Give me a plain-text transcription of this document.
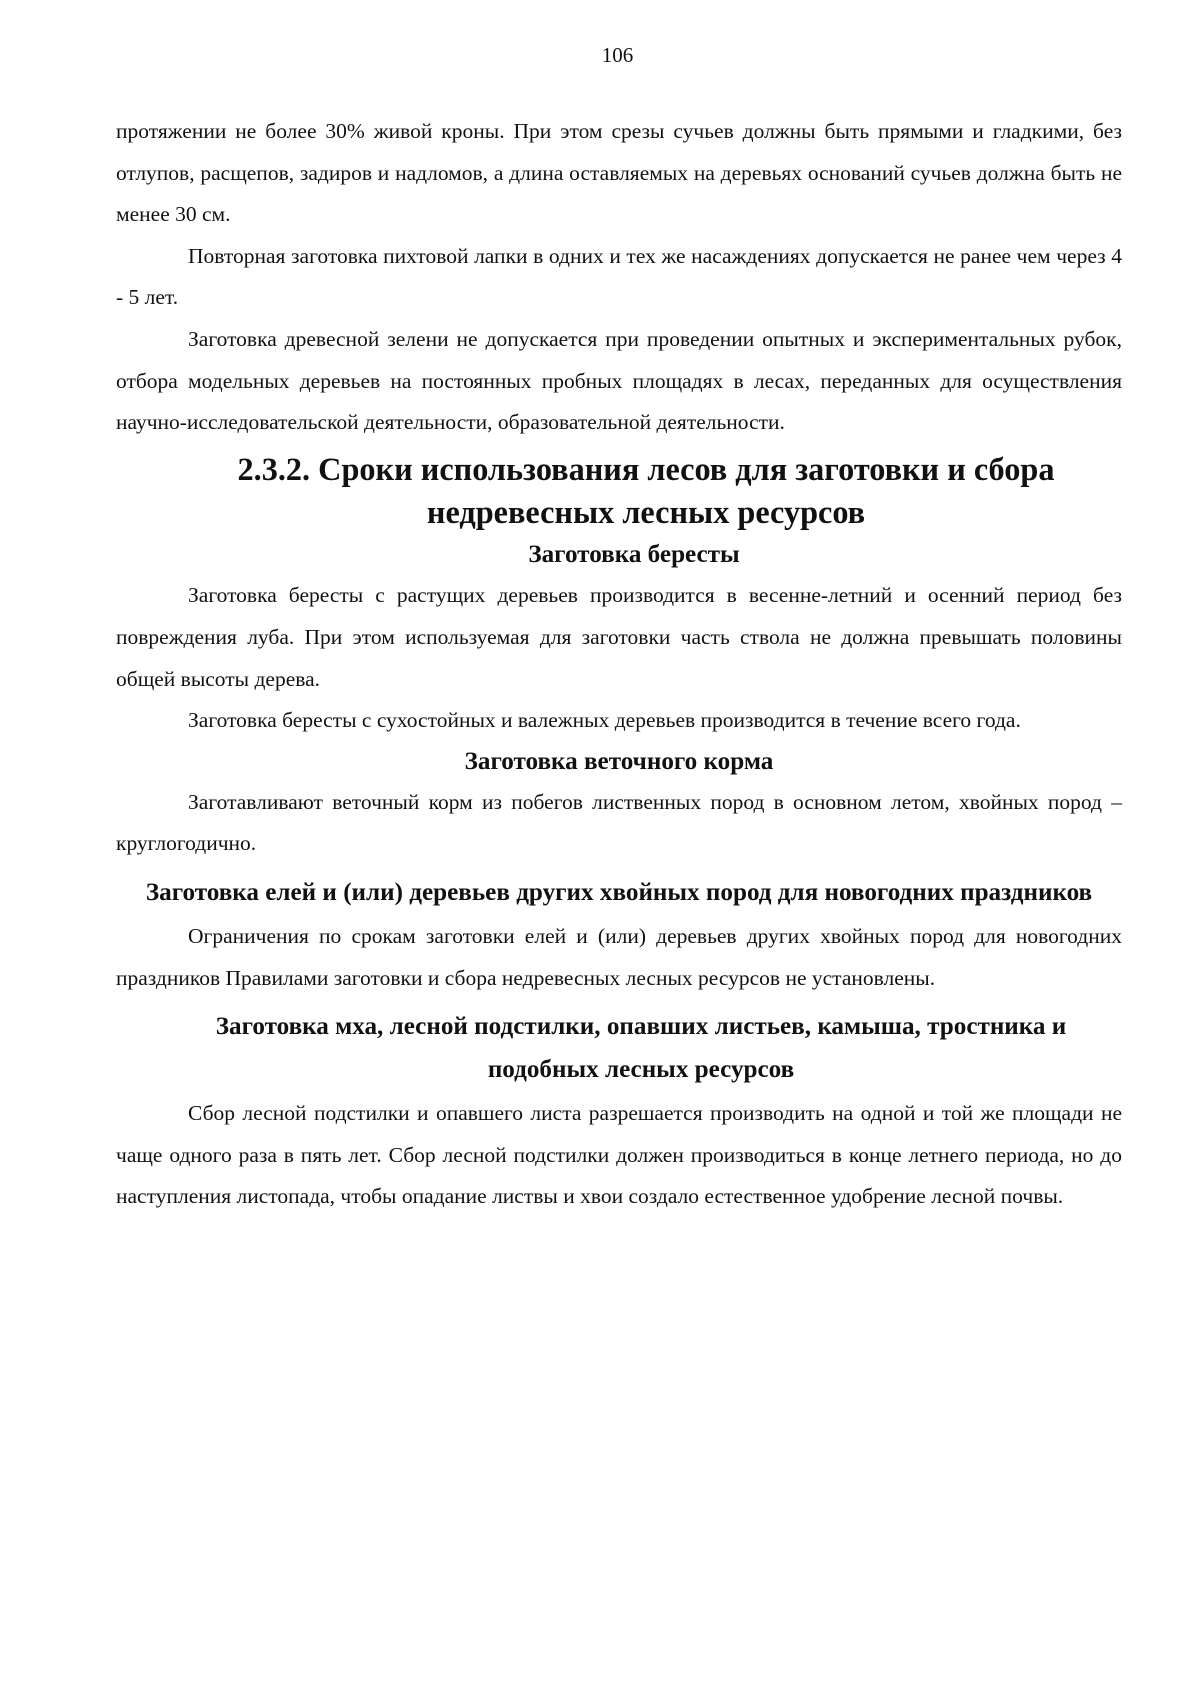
106

протяжении не более 30% живой кроны. При этом срезы сучьев должны быть прямыми и гладкими, без отлупов, расщепов, задиров и надломов, а длина оставляемых на деревьях оснований сучьев должна быть не менее 30 см.

Повторная заготовка пихтовой лапки в одних и тех же насаждениях допускается не ранее чем через 4 - 5 лет.

Заготовка древесной зелени не допускается при проведении опытных и экспериментальных рубок, отбора модельных деревьев на постоянных пробных площадях в лесах, переданных для осуществления научно-исследовательской деятельности, образовательной деятельности.

2.3.2. Сроки использования лесов для заготовки и сбора недревесных лесных ресурсов
Заготовка бересты

Заготовка бересты с растущих деревьев производится в весенне-летний и осенний период без повреждения луба. При этом используемая для заготовки часть ствола не должна превышать половины общей высоты дерева.

Заготовка бересты с сухостойных и валежных деревьев производится в течение всего года.

Заготовка веточного корма

Заготавливают веточный корм из побегов лиственных пород в основном летом, хвойных пород – круглогодично.

Заготовка елей и (или) деревьев других хвойных пород для новогодних праздников

Ограничения по срокам заготовки елей и (или) деревьев других хвойных пород для новогодних праздников Правилами заготовки и сбора недревесных лесных ресурсов не установлены.

Заготовка мха, лесной подстилки, опавших листьев, камыша, тростника и подобных лесных ресурсов

Сбор лесной подстилки и опавшего листа разрешается производить на одной и той же площади не чаще одного раза в пять лет. Сбор лесной подстилки должен производиться в конце летнего периода, но до наступления листопада, чтобы опадание листвы и хвои создало естественное удобрение лесной почвы.
